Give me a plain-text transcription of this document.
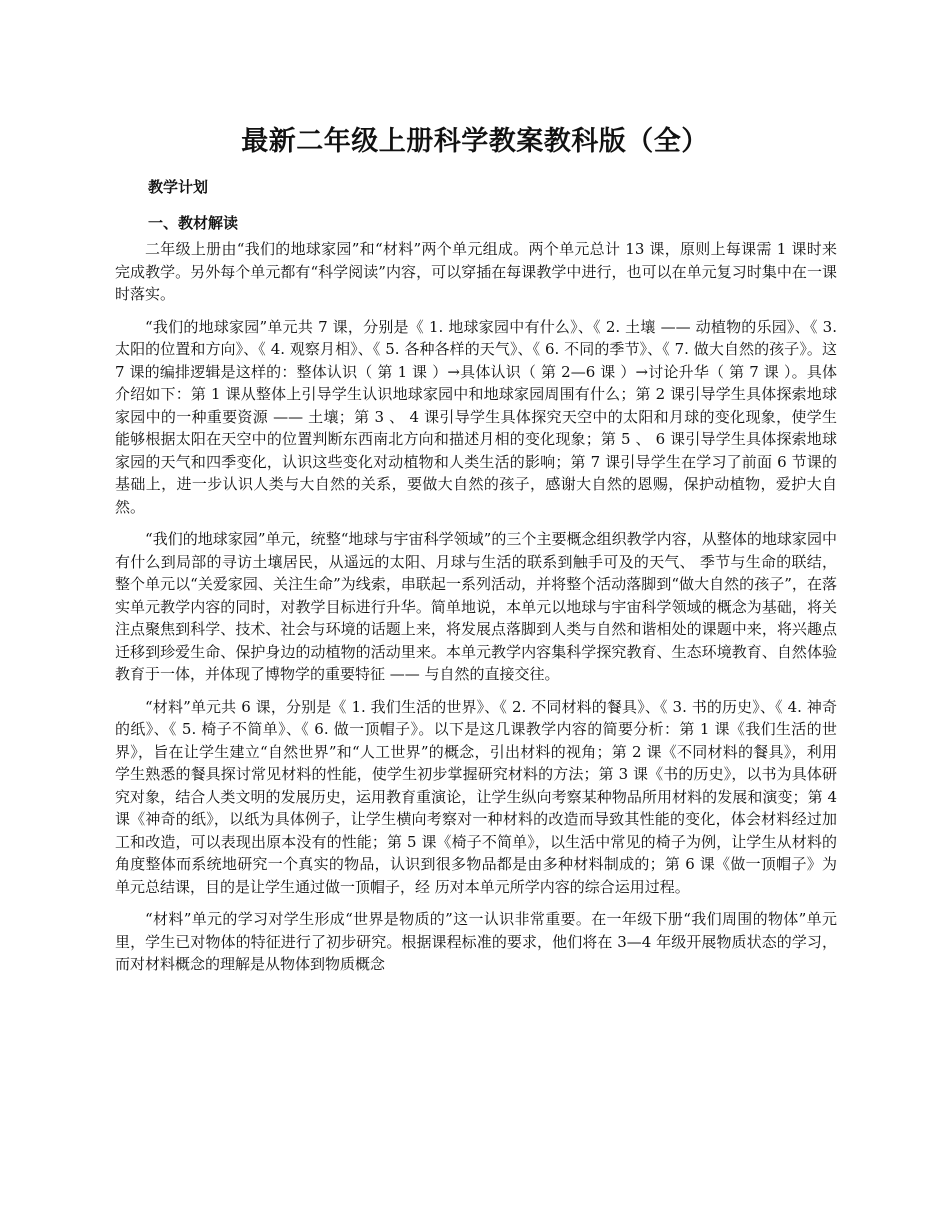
最新二年级上册科学教案教科版（全）
教学计划
一、教材解读

二年级上册由“我们的地球家园”和“材料”两个单元组成。两个单元总计 13 课，原则上每课需 1 课时来完成教学。另外每个单元都有“科学阅读”内容，可以穿插在每课教学中进行，也可以在单元复习时集中在一课时落实。

“我们的地球家园”单元共 7 课，分别是《 1. 地球家园中有什么》、《 2. 土壤 —— 动植物的乐园》、《 3. 太阳的位置和方向》、《 4. 观察月相》、《 5. 各种各样的天气》、《 6. 不同的季节》、《 7. 做大自然的孩子》。这 7 课的编排逻辑是这样的：整体认识（ 第 1 课 ）→具体认识（ 第 2—6 课 ）→讨论升华（ 第 7 课 ）。具体介绍如下：第 1 课从整体上引导学生认识地球家园中和地球家园周围有什么；第 2 课引导学生具体探索地球家园中的一种重要资源 —— 土壤；第 3 、 4 课引导学生具体探究天空中的太阳和月球的变化现象，使学生能够根据太阳在天空中的位置判断东西南北方向和描述月相的变化现象；第 5 、 6 课引导学生具体探索地球家园的天气和四季变化，认识这些变化对动植物和人类生活的影响；第 7 课引导学生在学习了前面 6 节课的基础上，进一步认识人类与大自然的关系，要做大自然的孩子，感谢大自然的恩赐，保护动植物，爱护大自然。

“我们的地球家园”单元，统整“地球与宇宙科学领域”的三个主要概念组织教学内容，从整体的地球家园中有什么到局部的寻访土壤居民，从遥远的太阳、月球与生活的联系到触手可及的天气、 季节与生命的联结，整个单元以“关爱家园、关注生命”为线索，串联起一系列活动，并将整个活动落脚到“做大自然的孩子”，在落实单元教学内容的同时，对教学目标进行升华。简单地说，本单元以地球与宇宙科学领域的概念为基础，将关注点聚焦到科学、技术、社会与环境的话题上来，将发展点落脚到人类与自然和谐相处的课题中来，将兴趣点迁移到珍爱生命、保护身边的动植物的活动里来。本单元教学内容集科学探究教育、生态环境教育、自然体验教育于一体，并体现了博物学的重要特征 —— 与自然的直接交往。

“材料”单元共 6 课，分别是《 1. 我们生活的世界》、《 2. 不同材料的餐具》、《 3. 书的历史》、《 4. 神奇的纸》、《 5. 椅子不简单》、《 6. 做一顶帽子》。以下是这几课教学内容的简要分析：第 1 课《我们生活的世界》，旨在让学生建立“自然世界”和“人工世界”的概念，引出材料的视角；第 2 课《不同材料的餐具》，利用学生熟悉的餐具探讨常见材料的性能，使学生初步掌握研究材料的方法；第 3 课《书的历史》，以书为具体研究对象，结合人类文明的发展历史，运用教育重演论，让学生纵向考察某种物品所用材料的发展和演变；第 4 课《神奇的纸》，以纸为具体例子，让学生横向考察对一种材料的改造而导致其性能的变化，体会材料经过加工和改造，可以表现出原本没有的性能；第 5 课《椅子不简单》，以生活中常见的椅子为例，让学生从材料的角度整体而系统地研究一个真实的物品，认识到很多物品都是由多种材料制成的；第 6 课《做一顶帽子》为单元总结课，目的是让学生通过做一顶帽子，经 历对本单元所学内容的综合运用过程。

“材料”单元的学习对学生形成“世界是物质的”这一认识非常重要。在一年级下册“我们周围的物体”单元里，学生已对物体的特征进行了初步研究。根据课程标准的要求，他们将在 3—4 年级开展物质状态的学习，而对材料概念的理解是从物体到物质概念
